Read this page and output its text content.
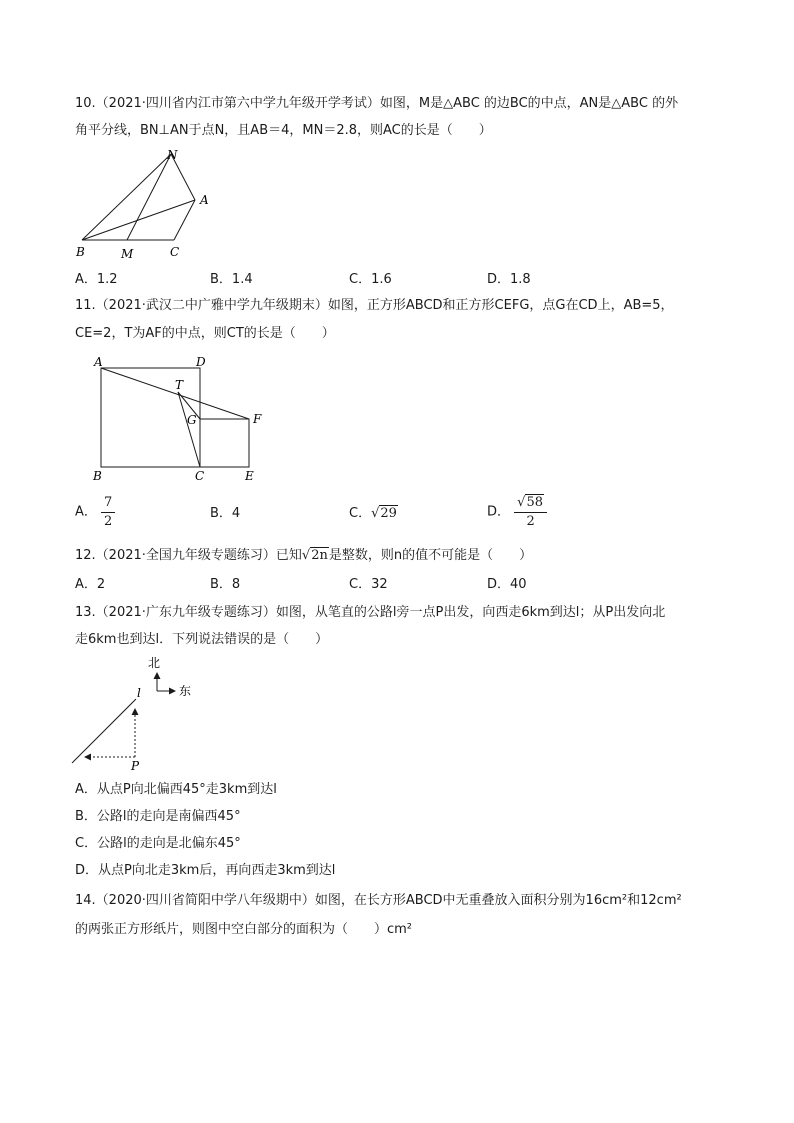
10.（2021·四川省内江市第六中学九年级开学考试）如图，M是△ABC 的边BC的中点，AN是△ABC 的外
角平分线，BN⊥AN于点N，且AB＝4，MN＝2.8，则AC的长是（　　）
N
A
B	M	C
A．1.2	B．1.4	C．1.6	D．1.8
11.（2021·武汉二中广雅中学九年级期末）如图，正方形ABCD和正方形CEFG，点G在CD上，AB=5，
CE=2，T为AF的中点，则CT的长是（　　）
A	D
T
G	F
B	C	E
A． $\frac{7}{2}$	B．4	C．√29	D． $\frac{√58}{2}$
12.（2021·全国九年级专题练习）已知√2n是整数，则n的值不可能是（　　）
A．2	B．8	C．32	D．40
13.（2021·广东九年级专题练习）如图，从笔直的公路l旁一点P出发，向西走6km到达l；从P出发向北
走6km也到达l．下列说法错误的是（　　）
北
东
l
P
A．从点P向北偏西45°走3km到达l
B．公路l的走向是南偏西45°
C．公路l的走向是北偏东45°
D．从点P向北走3km后，再向西走3km到达l
14.（2020·四川省简阳中学八年级期中）如图，在长方形ABCD中无重叠放入面积分别为16cm²和12cm²
的两张正方形纸片，则图中空白部分的面积为（　　）cm²
